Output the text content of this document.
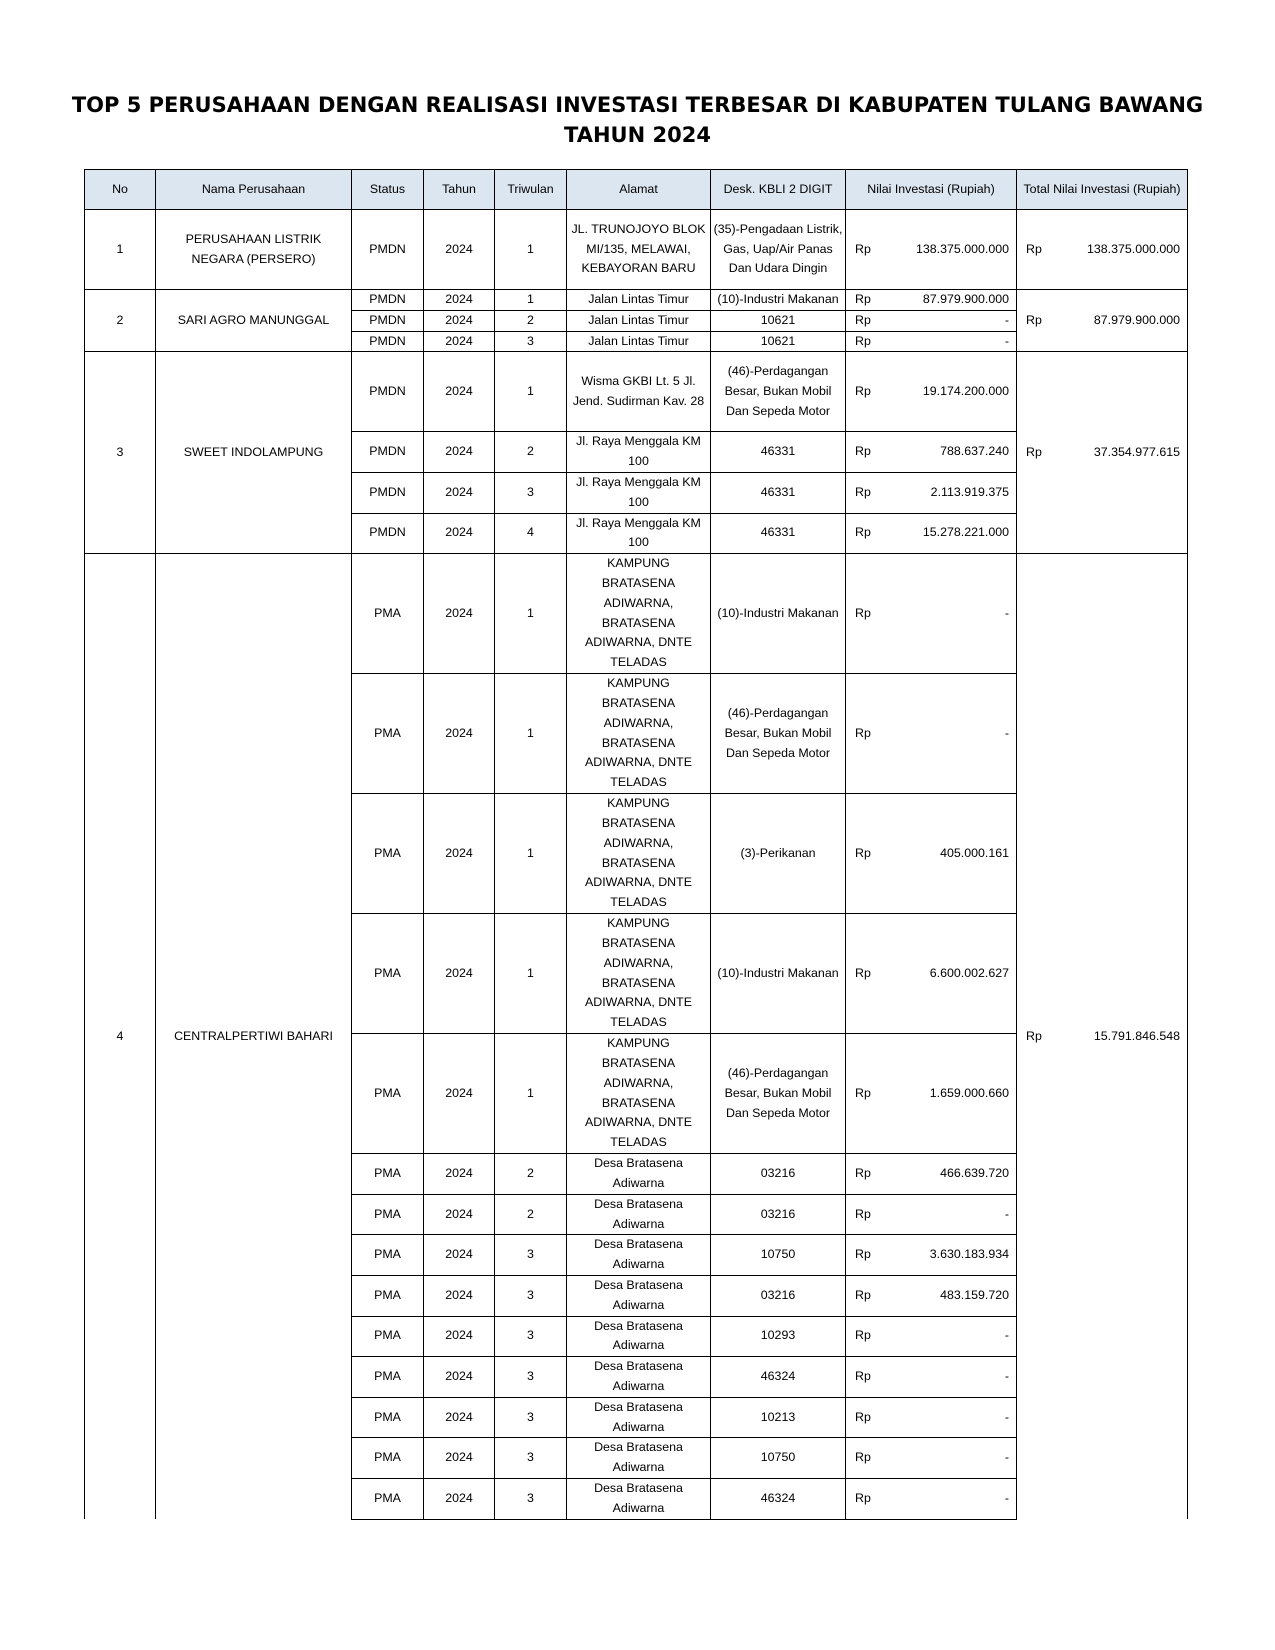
TOP 5 PERUSAHAAN DENGAN REALISASI INVESTASI TERBESAR DI KABUPATEN TULANG BAWANG
TAHUN 2024
No	Nama Perusahaan	Status	Tahun	Triwulan	Alamat	Desk. KBLI 2 DIGIT	Nilai Investasi (Rupiah)	Total Nilai Investasi (Rupiah)
1	PERUSAHAAN LISTRIK NEGARA (PERSERO)	PMDN	2024	1	JL. TRUNOJOYO BLOK MI/135, MELAWAI, KEBAYORAN BARU	(35)-Pengadaan Listrik, Gas, Uap/Air Panas Dan Udara Dingin	Rp 138.375.000.000	Rp 138.375.000.000

2	SARI AGRO MANUNGGAL	PMDN	2024	1	Jalan Lintas Timur	(10)-Industri Makanan	Rp 87.979.900.000	Rp 87.979.900.000

		PMDN	2024	2	Jalan Lintas Timur	10621	Rp -	

		PMDN	2024	3	Jalan Lintas Timur	10621	Rp -	

3	SWEET INDOLAMPUNG	PMDN	2024	1	Wisma GKBI Lt. 5 Jl. Jend. Sudirman Kav. 28	(46)-Perdagangan Besar, Bukan Mobil Dan Sepeda Motor	Rp 19.174.200.000	Rp 37.354.977.615

		PMDN	2024	2	Jl. Raya Menggala KM 100	46331	Rp 788.637.240	

		PMDN	2024	3	Jl. Raya Menggala KM 100	46331	Rp 2.113.919.375	

		PMDN	2024	4	Jl. Raya Menggala KM 100	46331	Rp 15.278.221.000	

4	CENTRALPERTIWI BAHARI	PMA	2024	1	KAMPUNG BRATASENA ADIWARNA, BRATASENA ADIWARNA, DNTE TELADAS	(10)-Industri Makanan	Rp -	Rp 15.791.846.548

		PMA	2024	1	KAMPUNG BRATASENA ADIWARNA, BRATASENA ADIWARNA, DNTE TELADAS	(46)-Perdagangan Besar, Bukan Mobil Dan Sepeda Motor	Rp -	

		PMA	2024	1	KAMPUNG BRATASENA ADIWARNA, BRATASENA ADIWARNA, DNTE TELADAS	(3)-Perikanan	Rp 405.000.161	

		PMA	2024	1	KAMPUNG BRATASENA ADIWARNA, BRATASENA ADIWARNA, DNTE TELADAS	(10)-Industri Makanan	Rp 6.600.002.627	

		PMA	2024	1	KAMPUNG BRATASENA ADIWARNA, BRATASENA ADIWARNA, DNTE TELADAS	(46)-Perdagangan Besar, Bukan Mobil Dan Sepeda Motor	Rp 1.659.000.660	

		PMA	2024	2	Desa Bratasena Adiwarna	03216	Rp 466.639.720	

		PMA	2024	2	Desa Bratasena Adiwarna	03216	Rp -	

		PMA	2024	3	Desa Bratasena Adiwarna	10750	Rp 3.630.183.934	

		PMA	2024	3	Desa Bratasena Adiwarna	03216	Rp 483.159.720	

		PMA	2024	3	Desa Bratasena Adiwarna	10293	Rp -	

		PMA	2024	3	Desa Bratasena Adiwarna	46324	Rp -	

		PMA	2024	3	Desa Bratasena Adiwarna	10213	Rp -	

		PMA	2024	3	Desa Bratasena Adiwarna	10750	Rp -	

		PMA	2024	3	Desa Bratasena Adiwarna	46324	Rp -	
